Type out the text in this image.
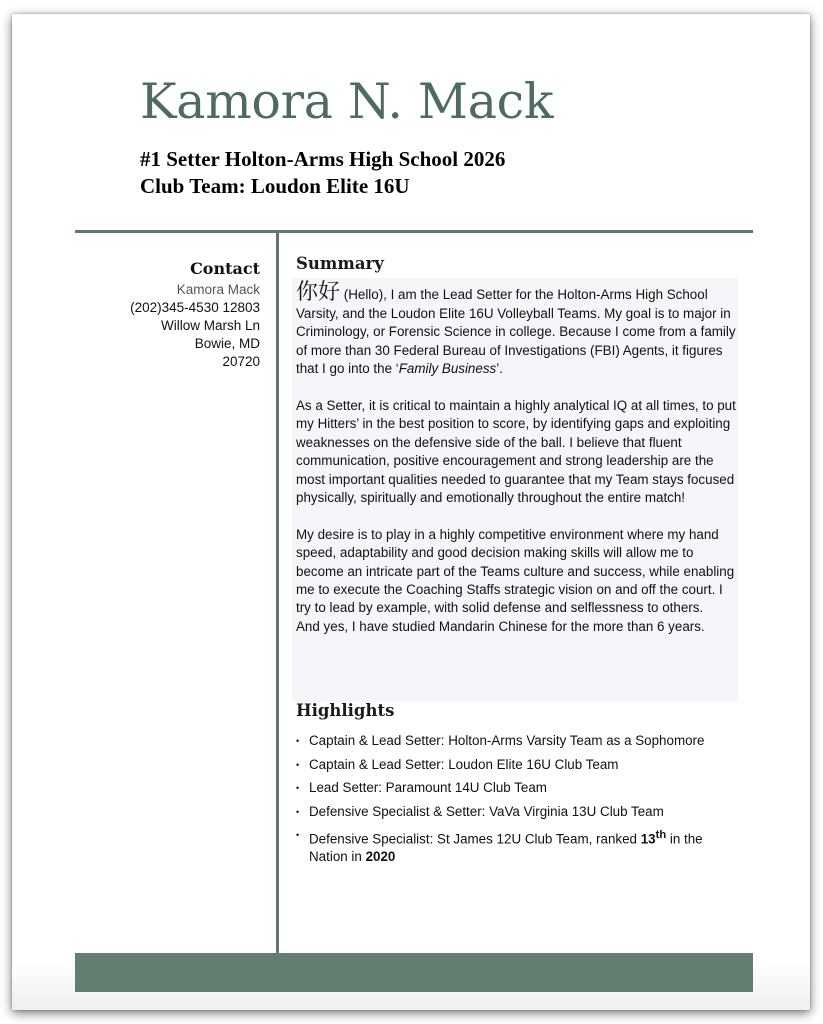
Kamora N. Mack

#1 Setter Holton-Arms High School 2026

Club Team: Loudon Elite 16U

Contact
Kamora Mack
(202)345-4530 12803
Willow Marsh Ln
Bowie, MD
20720
Summary

你好 (Hello), I am the Lead Setter for the Holton-Arms High School Varsity, and the Loudon Elite 16U Volleyball Teams. My goal is to major in Criminology, or Forensic Science in college. Because I come from a family of more than 30 Federal Bureau of Investigations (FBI) Agents, it figures that I go into the ‘Family Business’.

As a Setter, it is critical to maintain a highly analytical IQ at all times, to put my Hitters’ in the best position to score, by identifying gaps and exploiting weaknesses on the defensive side of the ball. I believe that fluent communication, positive encouragement and strong leadership are the most important qualities needed to guarantee that my Team stays focused physically, spiritually and emotionally throughout the entire match!

My desire is to play in a highly competitive environment where my hand speed, adaptability and good decision making skills will allow me to become an intricate part of the Teams culture and success, while enabling me to execute the Coaching Staffs strategic vision on and off the court. I try to lead by example, with solid defense and selflessness to others.

And yes, I have studied Mandarin Chinese for the more than 6 years.

Highlights
• Captain & Lead Setter: Holton-Arms Varsity Team as a Sophomore
• Captain & Lead Setter: Loudon Elite 16U Club Team
• Lead Setter: Paramount 14U Club Team
• Defensive Specialist & Setter: VaVa Virginia 13U Club Team
• Defensive Specialist: St James 12U Club Team, ranked 13th in the Nation in 2020
